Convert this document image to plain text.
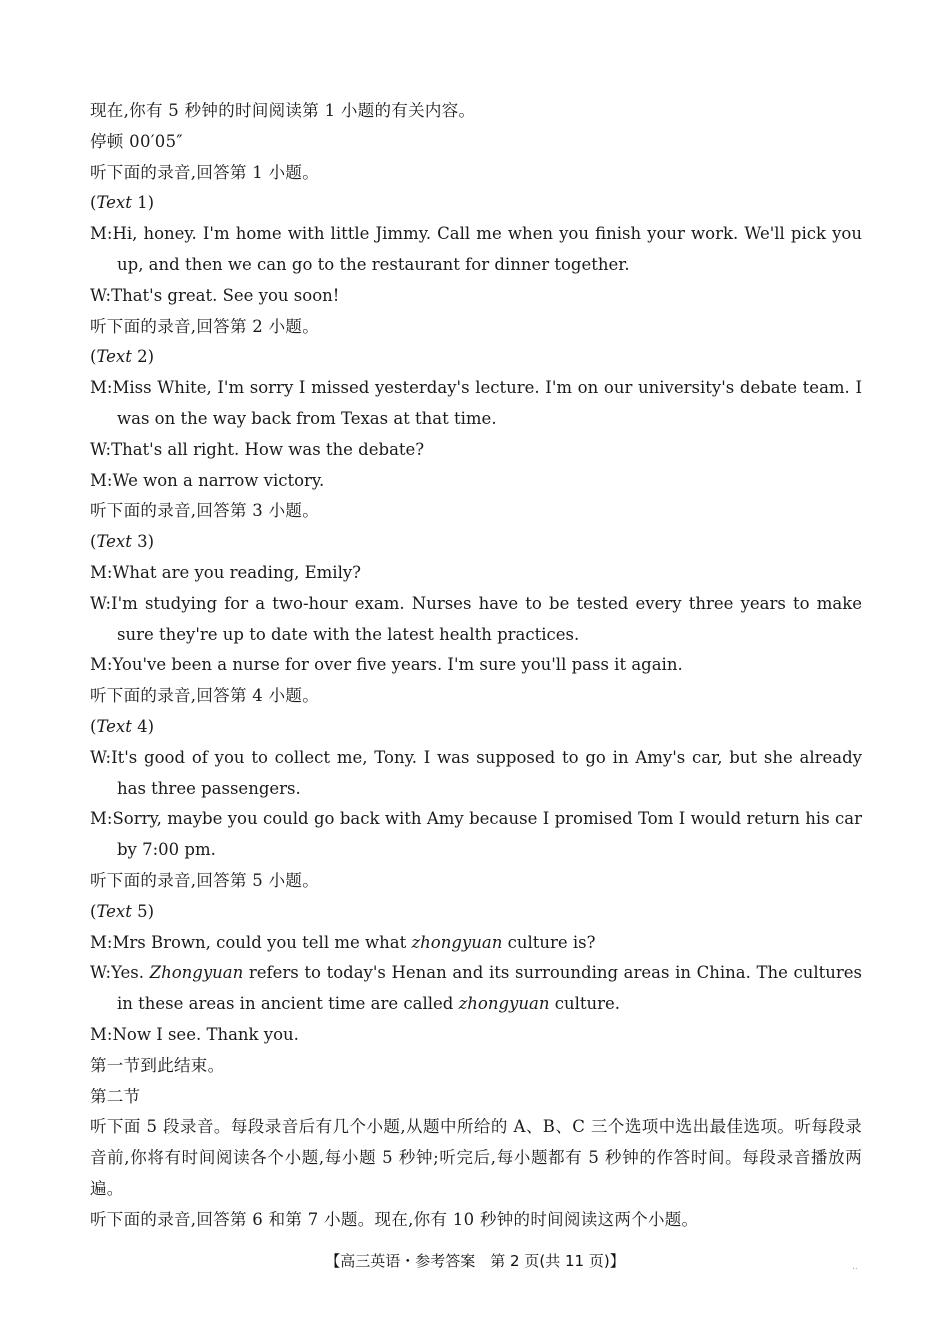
现在,你有 5 秒钟的时间阅读第 1 小题的有关内容。
停顿 00′05″
听下面的录音,回答第 1 小题。
(Text 1)
M:Hi, honey. I'm home with little Jimmy. Call me when you finish your work. We'll pick you up, and then we can go to the restaurant for dinner together.
W:That's great. See you soon!
听下面的录音,回答第 2 小题。
(Text 2)
M:Miss White, I'm sorry I missed yesterday's lecture. I'm on our university's debate team. I was on the way back from Texas at that time.
W:That's all right. How was the debate?
M:We won a narrow victory.
听下面的录音,回答第 3 小题。
(Text 3)
M:What are you reading, Emily?
W:I'm studying for a two-hour exam. Nurses have to be tested every three years to make sure they're up to date with the latest health practices.
M:You've been a nurse for over five years. I'm sure you'll pass it again.
听下面的录音,回答第 4 小题。
(Text 4)
W:It's good of you to collect me, Tony. I was supposed to go in Amy's car, but she already has three passengers.
M:Sorry, maybe you could go back with Amy because I promised Tom I would return his car by 7:00 pm.
听下面的录音,回答第 5 小题。
(Text 5)
M:Mrs Brown, could you tell me what zhongyuan culture is?
W:Yes. Zhongyuan refers to today's Henan and its surrounding areas in China. The cultures in these areas in ancient time are called zhongyuan culture.
M:Now I see. Thank you.
第一节到此结束。
第二节
听下面 5 段录音。每段录音后有几个小题,从题中所给的 A、B、C 三个选项中选出最佳选项。听每段录音前,你将有时间阅读各个小题,每小题 5 秒钟;听完后,每小题都有 5 秒钟的作答时间。每段录音播放两遍。
听下面的录音,回答第 6 和第 7 小题。现在,你有 10 秒钟的时间阅读这两个小题。
【高三英语・参考答案　第 2 页(共 11 页)】	..
